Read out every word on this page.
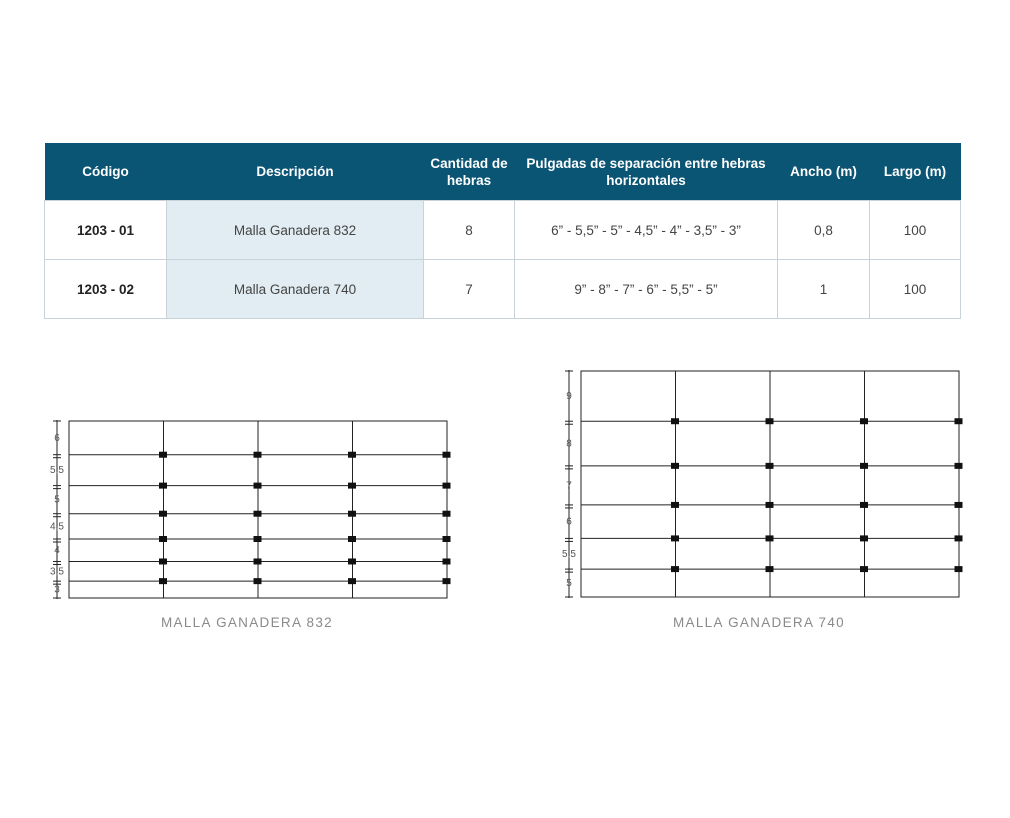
Código	Descripción	Cantidad de hebras	Pulgadas de separación entre hebras horizontales	Ancho (m)	Largo (m)
1203 - 01	Malla Ganadera 832	8	6” - 5,5” - 5” - 4,5” - 4” - 3,5” - 3”	0,8	100
1203 - 02	Malla Ganadera 740	7	9” - 8” - 7” - 6” - 5,5” - 5”	1	100
6
5,5
5
4,5
4
3,5
3
9
8
7
6
5,5
5
MALLA GANADERA 832	MALLA GANADERA 740
